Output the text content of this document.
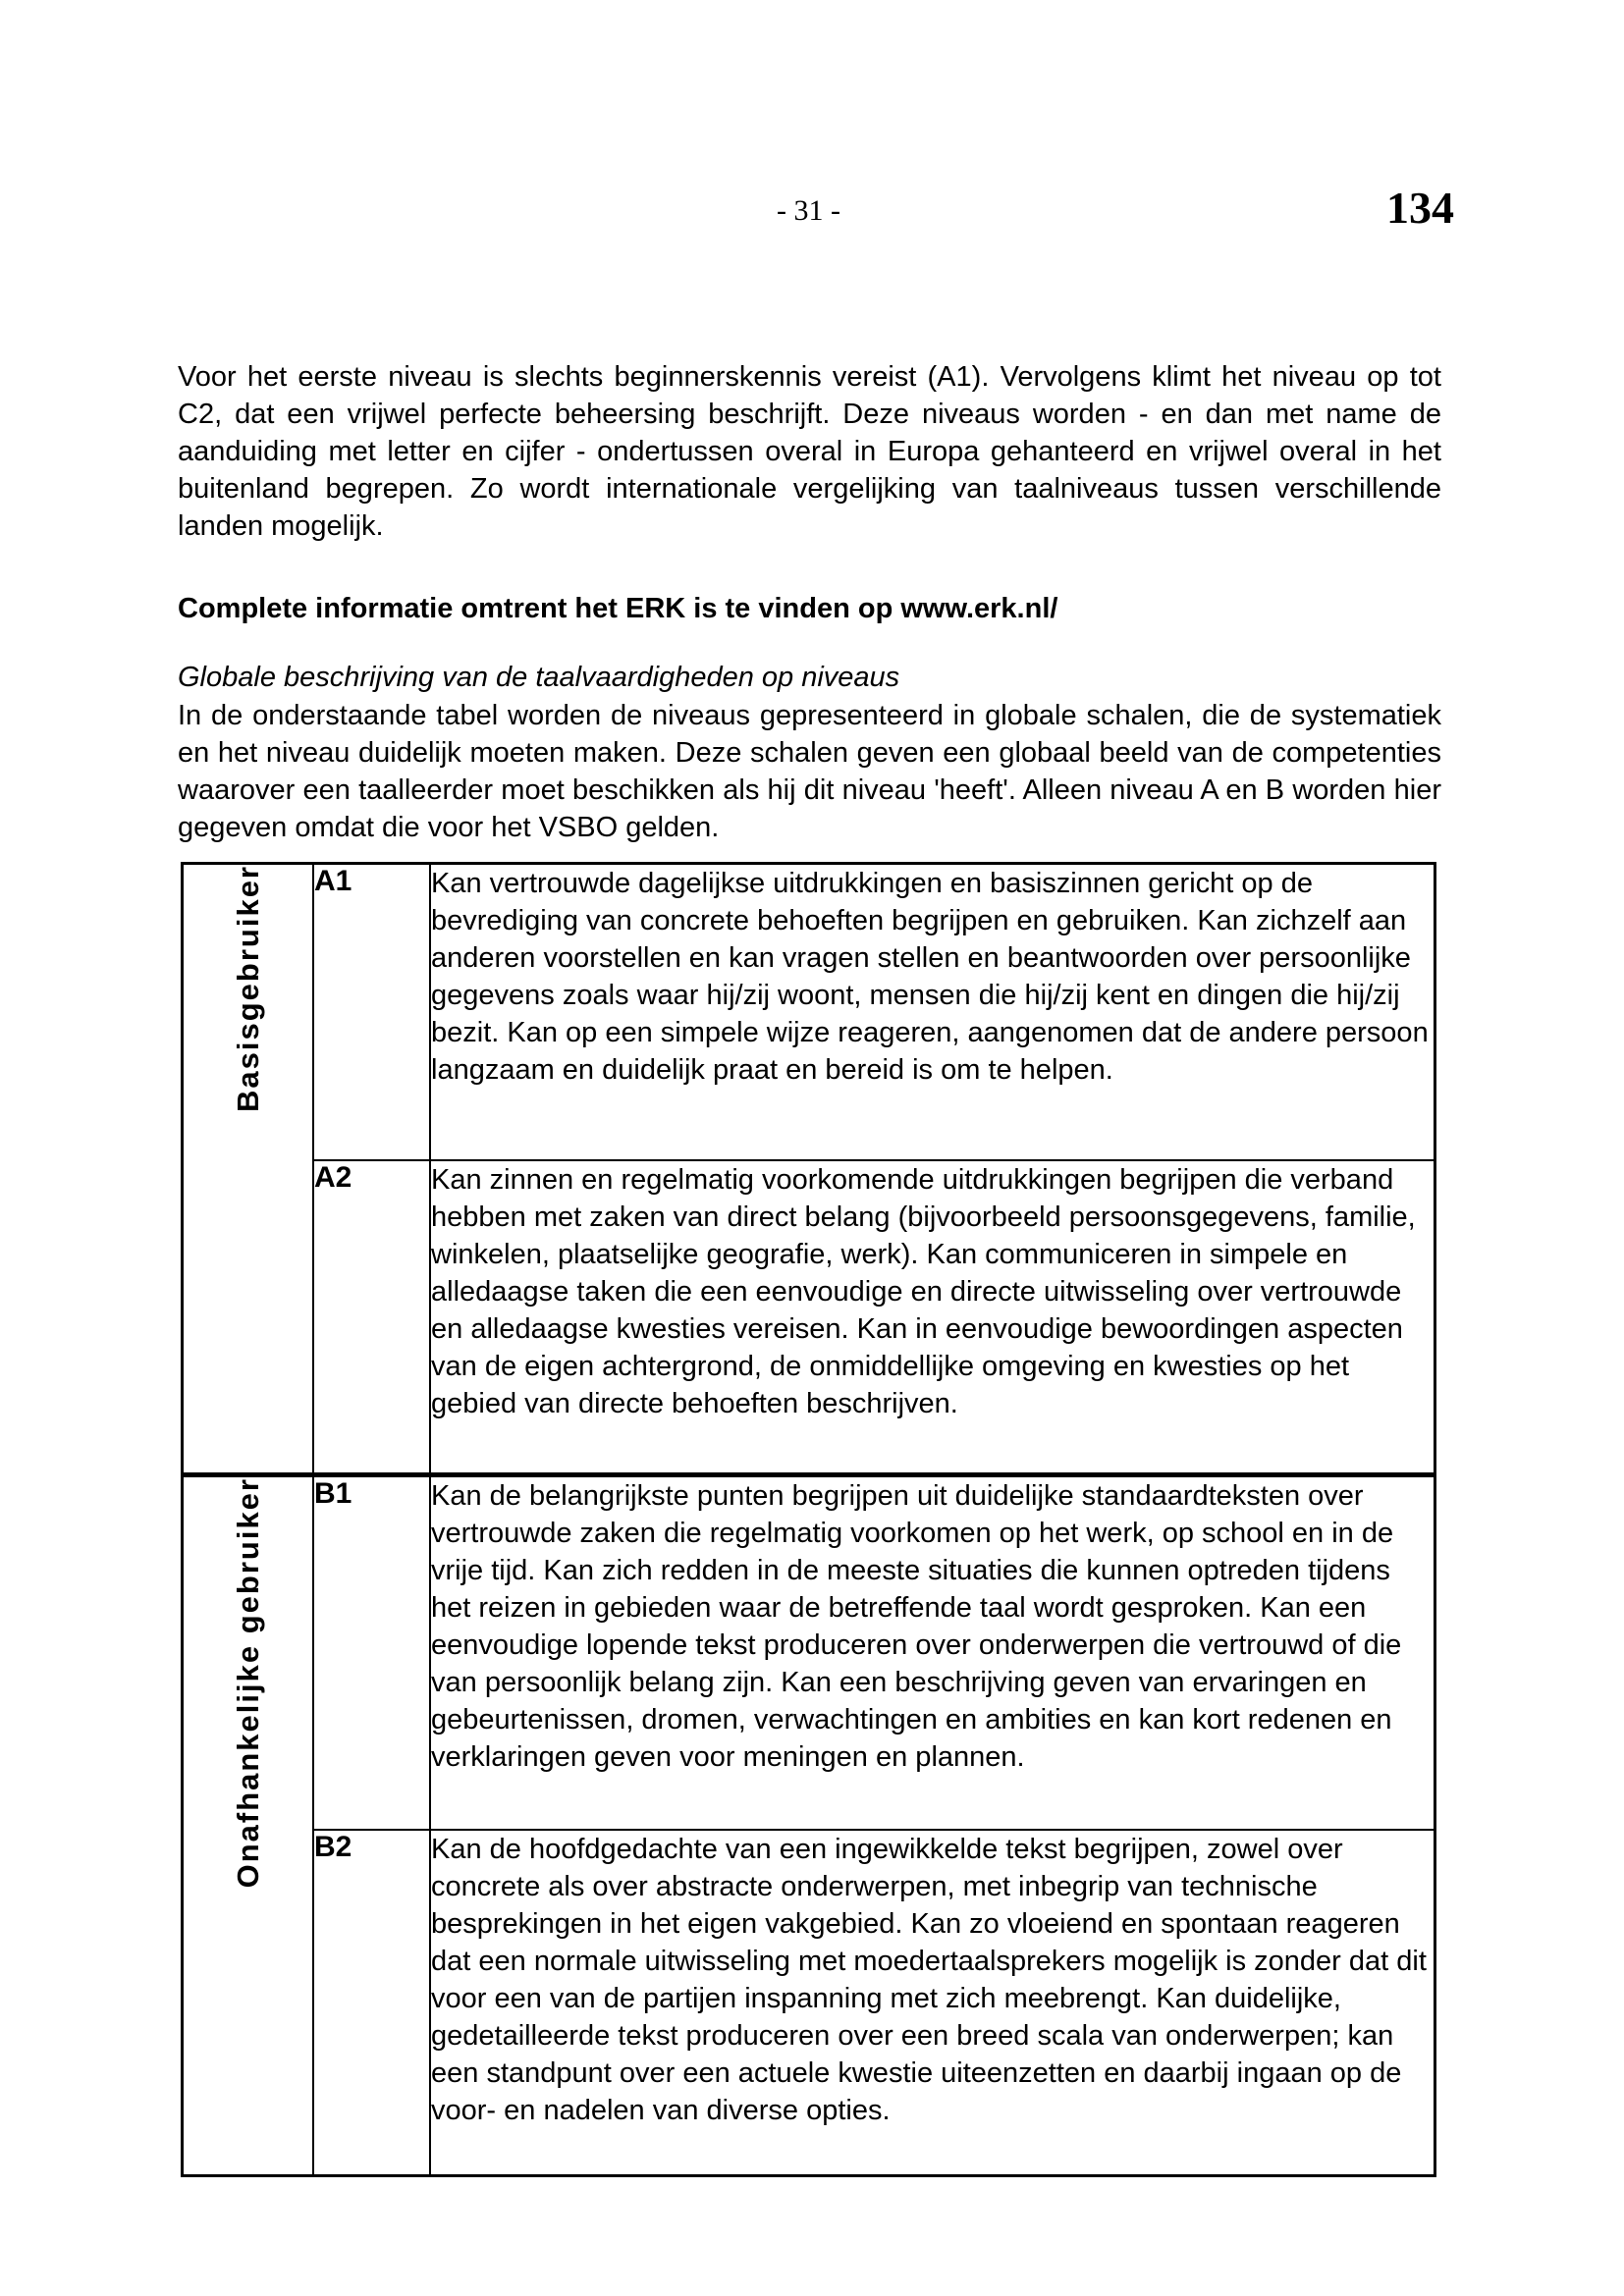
- 31 -	134

Voor het eerste niveau is slechts beginnerskennis vereist (A1). Vervolgens klimt het niveau op tot C2, dat een vrijwel perfecte beheersing beschrijft. Deze niveaus worden - en dan met name de aanduiding met letter en cijfer - ondertussen overal in Europa gehanteerd en vrijwel overal in het buitenland begrepen. Zo wordt internationale vergelijking van taalniveaus tussen verschillende landen mogelijk.

Complete informatie omtrent het ERK is te vinden op www.erk.nl/

Globale beschrijving van de taalvaardigheden op niveaus

In de onderstaande tabel worden de niveaus gepresenteerd in globale schalen, die de systematiek en het niveau duidelijk moeten maken. Deze schalen geven een globaal beeld van de competenties waarover een taalleerder moet beschikken als hij dit niveau 'heeft'. Alleen niveau A en B worden hier gegeven omdat die voor het VSBO gelden.

Basisgebruiker	A1	Kan vertrouwde dagelijkse uitdrukkingen en basiszinnen gericht op de bevrediging van concrete behoeften begrijpen en gebruiken. Kan zichzelf aan anderen voorstellen en kan vragen stellen en beantwoorden over persoonlijke gegevens zoals waar hij/zij woont, mensen die hij/zij kent en dingen die hij/zij bezit. Kan op een simpele wijze reageren, aangenomen dat de andere persoon langzaam en duidelijk praat en bereid is om te helpen.
	A2	Kan zinnen en regelmatig voorkomende uitdrukkingen begrijpen die verband hebben met zaken van direct belang (bijvoorbeeld persoonsgegevens, familie, winkelen, plaatselijke geografie, werk). Kan communiceren in simpele en alledaagse taken die een eenvoudige en directe uitwisseling over vertrouwde en alledaagse kwesties vereisen. Kan in eenvoudige bewoordingen aspecten van de eigen achtergrond, de onmiddellijke omgeving en kwesties op het gebied van directe behoeften beschrijven.
Onafhankelijke gebruiker	B1	Kan de belangrijkste punten begrijpen uit duidelijke standaardteksten over vertrouwde zaken die regelmatig voorkomen op het werk, op school en in de vrije tijd. Kan zich redden in de meeste situaties die kunnen optreden tijdens het reizen in gebieden waar de betreffende taal wordt gesproken. Kan een eenvoudige lopende tekst produceren over onderwerpen die vertrouwd of die van persoonlijk belang zijn. Kan een beschrijving geven van ervaringen en gebeurtenissen, dromen, verwachtingen en ambities en kan kort redenen en verklaringen geven voor meningen en plannen.
	B2	Kan de hoofdgedachte van een ingewikkelde tekst begrijpen, zowel over concrete als over abstracte onderwerpen, met inbegrip van technische besprekingen in het eigen vakgebied. Kan zo vloeiend en spontaan reageren dat een normale uitwisseling met moedertaalsprekers mogelijk is zonder dat dit voor een van de partijen inspanning met zich meebrengt. Kan duidelijke, gedetailleerde tekst produceren over een breed scala van onderwerpen; kan een standpunt over een actuele kwestie uiteenzetten en daarbij ingaan op de voor- en nadelen van diverse opties.
